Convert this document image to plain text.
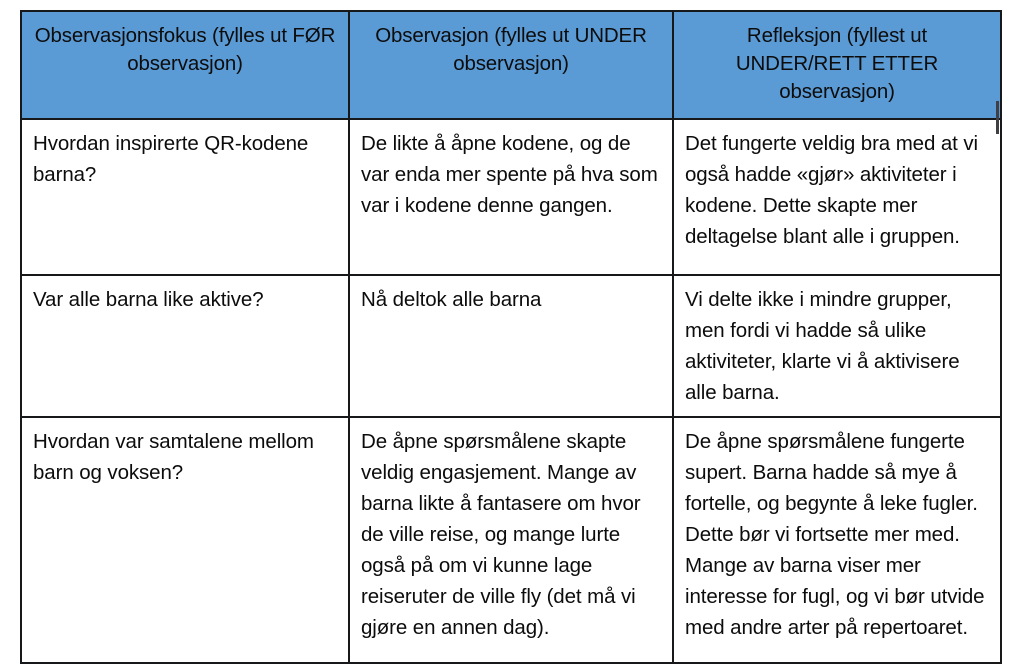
Observasjonsfokus (fylles ut FØR observasjon)	Observasjon (fylles ut UNDER observasjon)	Refleksjon (fyllest ut UNDER/RETT ETTER observasjon)

Hvordan inspirerte QR-kodene barna?	De likte å åpne kodene, og de var enda mer spente på hva som var i kodene denne gangen.	Det fungerte veldig bra med at vi også hadde «gjør» aktiviteter i kodene. Dette skapte mer deltagelse blant alle i gruppen.

Var alle barna like aktive?	Nå deltok alle barna	Vi delte ikke i mindre grupper, men fordi vi hadde så ulike aktiviteter, klarte vi å aktivisere alle barna.

Hvordan var samtalene mellom barn og voksen?	De åpne spørsmålene skapte veldig engasjement. Mange av barna likte å fantasere om hvor de ville reise, og mange lurte også på om vi kunne lage reiseruter de ville fly (det må vi gjøre en annen dag).	De åpne spørsmålene fungerte supert. Barna hadde så mye å fortelle, og begynte å leke fugler. Dette bør vi fortsette mer med. Mange av barna viser mer interesse for fugl, og vi bør utvide med andre arter på repertoaret.
